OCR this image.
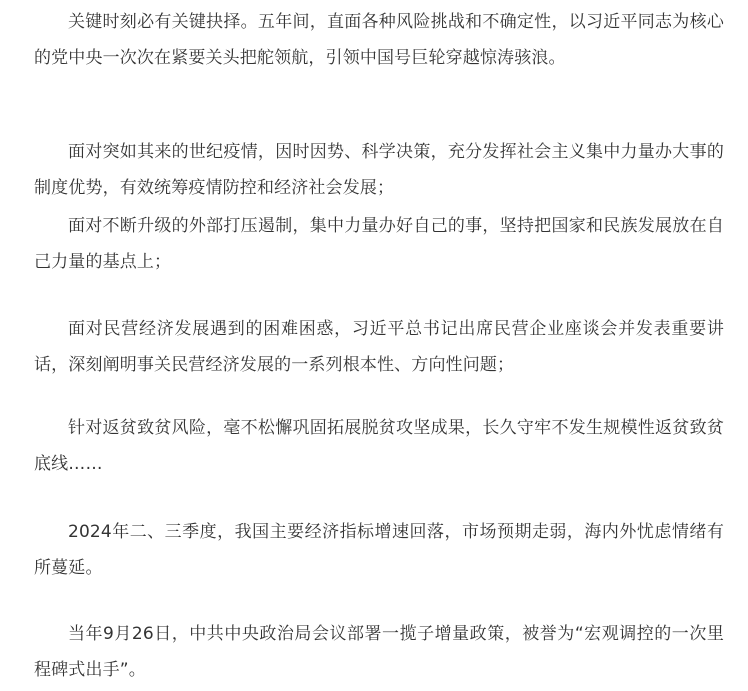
关键时刻必有关键抉择。五年间，直面各种风险挑战和不确定性，以习近平同志为核心的党中央一次次在紧要关头把舵领航，引领中国号巨轮穿越惊涛骇浪。

面对突如其来的世纪疫情，因时因势、科学决策，充分发挥社会主义集中力量办大事的制度优势，有效统筹疫情防控和经济社会发展；

面对不断升级的外部打压遏制，集中力量办好自己的事，坚持把国家和民族发展放在自己力量的基点上；

面对民营经济发展遇到的困难困惑，习近平总书记出席民营企业座谈会并发表重要讲话，深刻阐明事关民营经济发展的一系列根本性、方向性问题；

针对返贫致贫风险，毫不松懈巩固拓展脱贫攻坚成果，长久守牢不发生规模性返贫致贫底线……

2024年二、三季度，我国主要经济指标增速回落，市场预期走弱，海内外忧虑情绪有所蔓延。

当年9月26日，中共中央政治局会议部署一揽子增量政策，被誉为“宏观调控的一次里程碑式出手”。
